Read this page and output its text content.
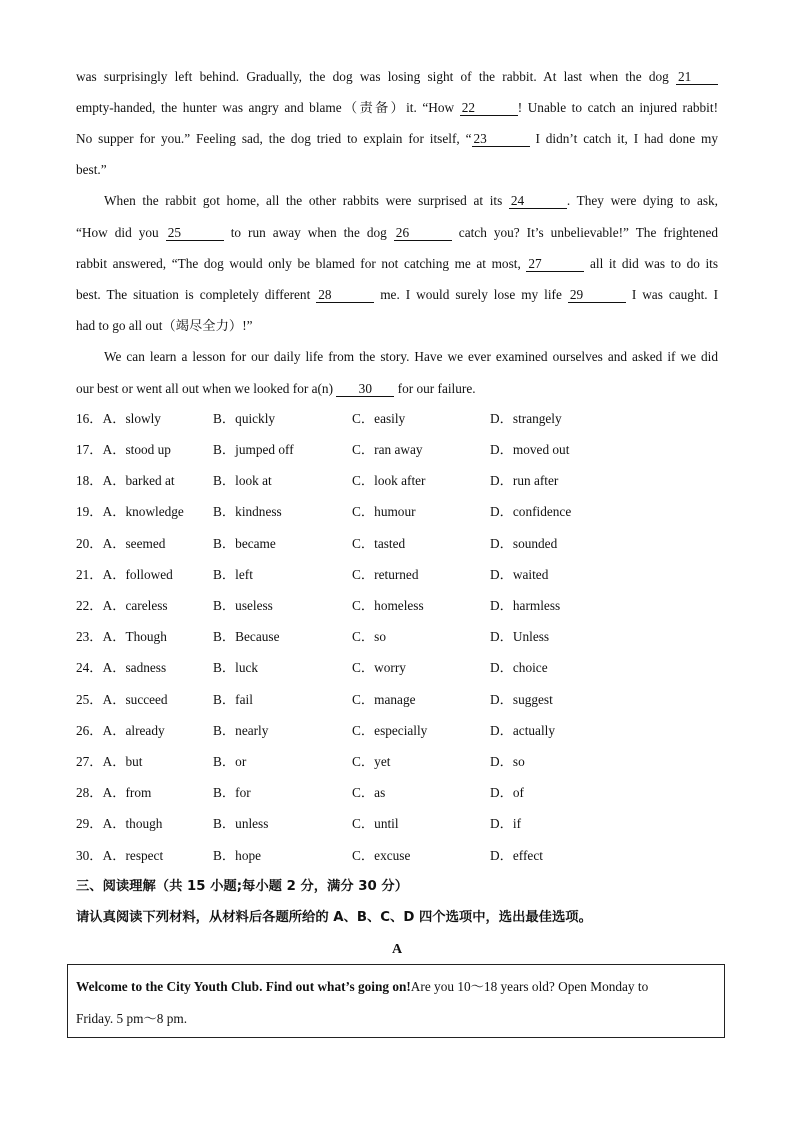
was surprisingly left behind. Gradually, the dog was losing sight of the rabbit. At last when the dog 21
empty-handed, the hunter was angry and blame（责备）it. “How 22	! Unable to catch an injured rabbit!
No supper for you.” Feeling sad, the dog tried to explain for itself, “ 23	I didn’t catch it, I had done my
best.”
When the rabbit got home, all the other rabbits were surprised at its 24	. They were dying to ask,
“How did you 25	to run away when the dog 26	catch you? It’s unbelievable!” The frightened
rabbit answered, “The dog would only be blamed for not catching me at most, 27	all it did was to do its
best. The situation is completely different 28	me. I would surely lose my life 29	I was caught. I
had to go all out（竭尽全力）!”
We can learn a lesson for our daily life from the story. Have we ever examined ourselves and asked if we did
our best or went all out when we looked for a(n) 30 for our failure.
16．A．slowly	B．quickly	C．easily	D．strangely
17．A．stood up	B．jumped off	C．ran away	D．moved out
18．A．barked at	B．look at	C．look after	D．run after
19．A．knowledge B．kindness	C．humour	D．confidence
20．A．seemed	B．became	C．tasted	D．sounded
21．A．followed	B．left	C．returned	D．waited
22．A．careless	B．useless	C．homeless	D．harmless
23．A．Though	B．Because	C．so	D．Unless
24．A．sadness	B．luck	C．worry	D．choice
25．A．succeed	B．fail	C．manage	D．suggest
26．A．already	B．nearly	C．especially	D．actually
27．A．but	B．or	C．yet	D．so
28．A．from	B．for	C．as	D．of
29．A．though	B．unless	C．until	D．if
30．A．respect	B．hope	C．excuse	D．effect
三、阅读理解（共 15 小题;每小题 2 分，满分 30 分）
请认真阅读下列材料，从材料后各题所给的 A、B、C、D 四个选项中，选出最佳选项。
A
Welcome to the City Youth Club. Find out what’s going on!Are you 10～18 years old? Open Monday to
Friday. 5 pm～8 pm.
